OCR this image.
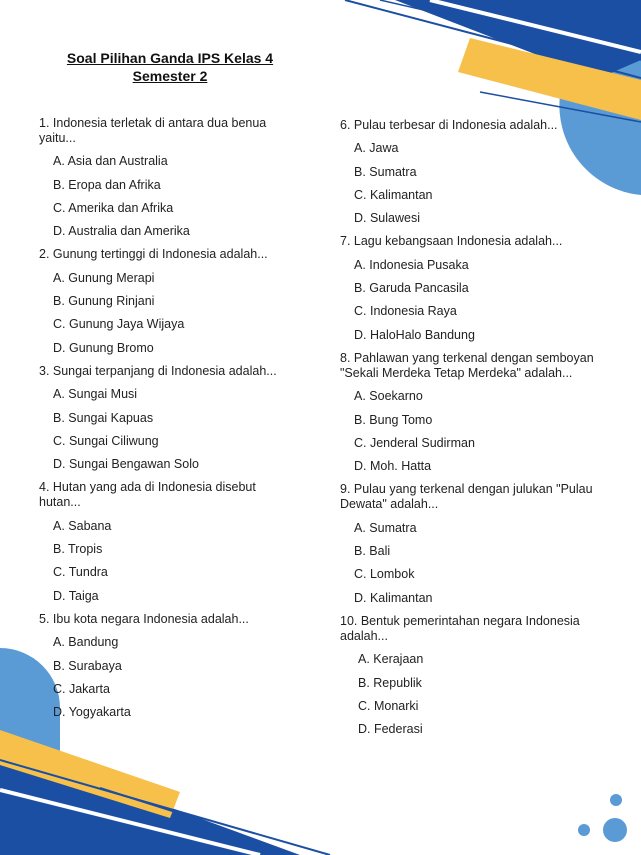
Soal Pilihan Ganda IPS Kelas 4
Semester 2

1. Indonesia terletak di antara dua benua yaitu...

A. Asia dan Australia
B. Eropa dan Afrika
C. Amerika dan Afrika
D. Australia dan Amerika

2. Gunung tertinggi di Indonesia adalah...

A. Gunung Merapi
B. Gunung Rinjani
C. Gunung Jaya Wijaya
D. Gunung Bromo

3. Sungai terpanjang di Indonesia adalah...

A. Sungai Musi
B. Sungai Kapuas
C. Sungai Ciliwung
D. Sungai Bengawan Solo

4. Hutan yang ada di Indonesia disebut hutan...

A. Sabana
B. Tropis
C. Tundra
D. Taiga

5. Ibu kota negara Indonesia adalah...

A. Bandung
B. Surabaya
C. Jakarta
D. Yogyakarta

6. Pulau terbesar di Indonesia adalah...

A. Jawa
B. Sumatra
C. Kalimantan
D. Sulawesi

7. Lagu kebangsaan Indonesia adalah...

A. Indonesia Pusaka
B. Garuda Pancasila
C. Indonesia Raya
D. HaloHalo Bandung

8. Pahlawan yang terkenal dengan semboyan "Sekali Merdeka Tetap Merdeka" adalah...

A. Soekarno
B. Bung Tomo
C. Jenderal Sudirman
D. Moh. Hatta

9. Pulau yang terkenal dengan julukan "Pulau Dewata" adalah...

A. Sumatra
B. Bali
C. Lombok
D. Kalimantan

10. Bentuk pemerintahan negara Indonesia adalah...

A. Kerajaan
B. Republik
C. Monarki
D. Federasi
